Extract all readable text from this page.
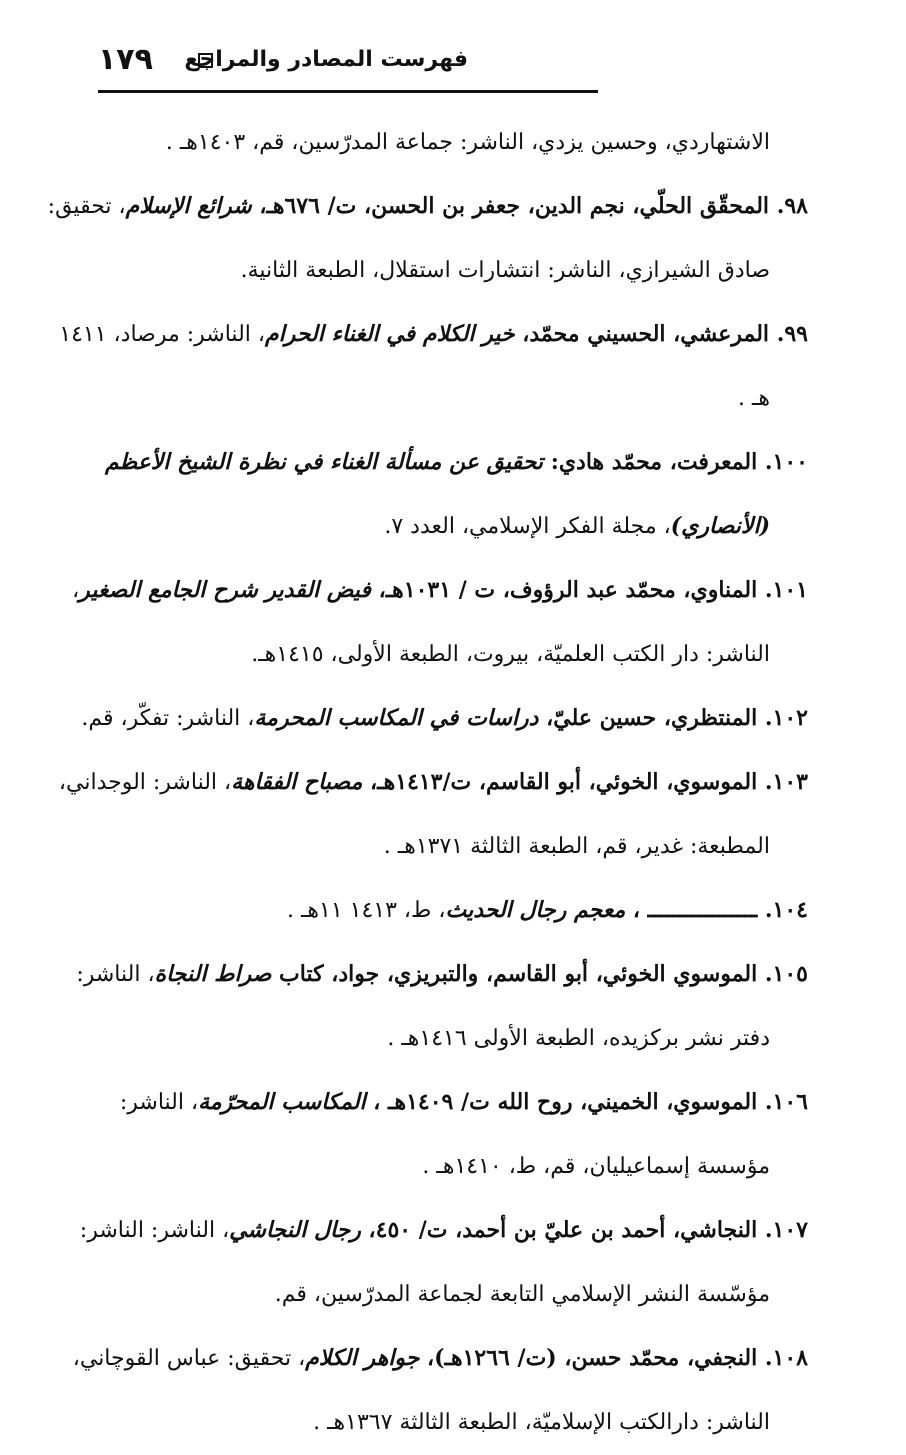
١٧٩ فهرست المصادر والمراجع
الاشتهاردي، وحسين يزدي، الناشر: جماعة المدرّسين، قم، ١٤٠٣هـ .
٩٨. المحقّق الحلّي، نجم الدين، جعفر بن الحسن، ت/ ٦٧٦هـ، شرائع الإسلام، تحقيق:
صادق الشيرازي، الناشر: انتشارات استقلال، الطبعة الثانية.
٩٩. المرعشي، الحسيني محمّد، خير الكلام في الغناء الحرام، الناشر: مرصاد، ١٤١١
هـ .
١٠٠. المعرفت، محمّد هادي: تحقيق عن مسألة الغناء في نظرة الشيخ الأعظم
(الأنصاري)، مجلة الفكر الإسلامي، العدد ٧.
١٠١. المناوي، محمّد عبد الرؤوف، ت / ١٠٣١هـ، فيض القدير شرح الجامع الصغير،
الناشر: دار الكتب العلميّة، بيروت، الطبعة الأولى، ١٤١٥هـ.
١٠٢. المنتظري، حسين عليّ، دراسات في المكاسب المحرمة، الناشر: تفكّر، قم.
١٠٣. الموسوي، الخوئي، أبو القاسم، ت/١٤١٣هـ، مصباح الفقاهة، الناشر: الوجداني،
المطبعة: غدير، قم، الطبعة الثالثة ١٣٧١هـ .
١٠٤. ـــــــــــــــــ ، معجم رجال الحديث، ط، ١٤١٣ ١١هـ .
١٠٥. الموسوي الخوئي، أبو القاسم، والتبريزي، جواد، كتاب صراط النجاة، الناشر:
دفتر نشر بركزيده، الطبعة الأولى ١٤١٦هـ .
١٠٦. الموسوي، الخميني، روح الله ت/ ١٤٠٩هـ ، المكاسب المحرّمة، الناشر:
مؤسسة إسماعيليان، قم، ط، ١٤١٠هـ .
١٠٧. النجاشي، أحمد بن عليّ بن أحمد، ت/ ٤٥٠، رجال النجاشي، الناشر: الناشر:
مؤسّسة النشر الإسلامي التابعة لجماعة المدرّسين، قم.
١٠٨. النجفي، محمّد حسن، (ت/ ١٢٦٦هـ)، جواهر الكلام، تحقيق: عباس القوچاني،
الناشر: دارالكتب الإسلاميّة، الطبعة الثالثة ١٣٦٧هـ .
